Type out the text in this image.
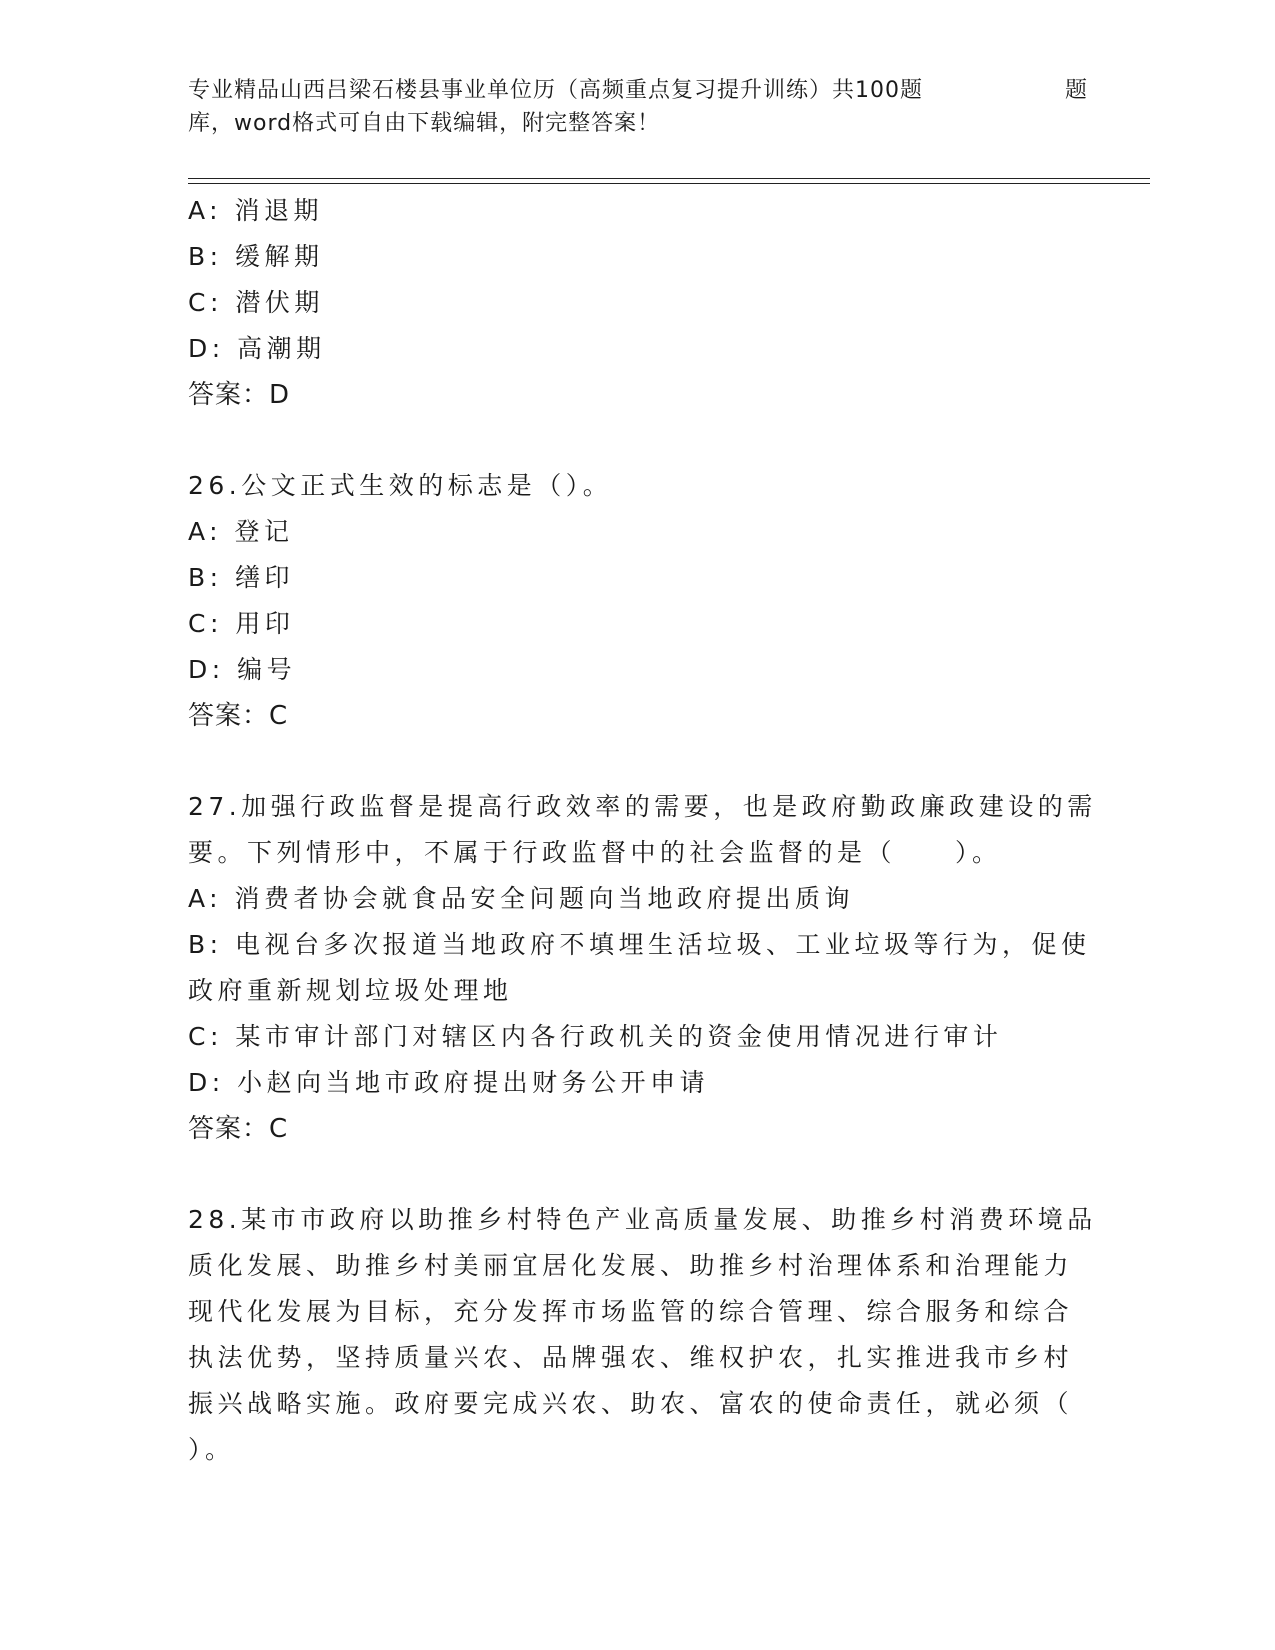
专业精品山西吕梁石楼县事业单位历（高频重点复习提升训练）共100题	题
库，word格式可自由下载编辑，附完整答案！
A: 消退期
B: 缓解期
C: 潜伏期
D: 高潮期
答案：D
26.公文正式生效的标志是（）。
A: 登记
B: 缮印
C: 用印
D: 编号
答案：C
27.加强行政监督是提高行政效率的需要，也是政府勤政廉政建设的需
要。下列情形中，不属于行政监督中的社会监督的是（　　）。
A: 消费者协会就食品安全问题向当地政府提出质询
B: 电视台多次报道当地政府不填埋生活垃圾、工业垃圾等行为，促使
政府重新规划垃圾处理地
C: 某市审计部门对辖区内各行政机关的资金使用情况进行审计
D: 小赵向当地市政府提出财务公开申请
答案：C
28.某市市政府以助推乡村特色产业高质量发展、助推乡村消费环境品
质化发展、助推乡村美丽宜居化发展、助推乡村治理体系和治理能力
现代化发展为目标，充分发挥市场监管的综合管理、综合服务和综合
执法优势，坚持质量兴农、品牌强农、维权护农，扎实推进我市乡村
振兴战略实施。政府要完成兴农、助农、富农的使命责任，就必须（
）。
